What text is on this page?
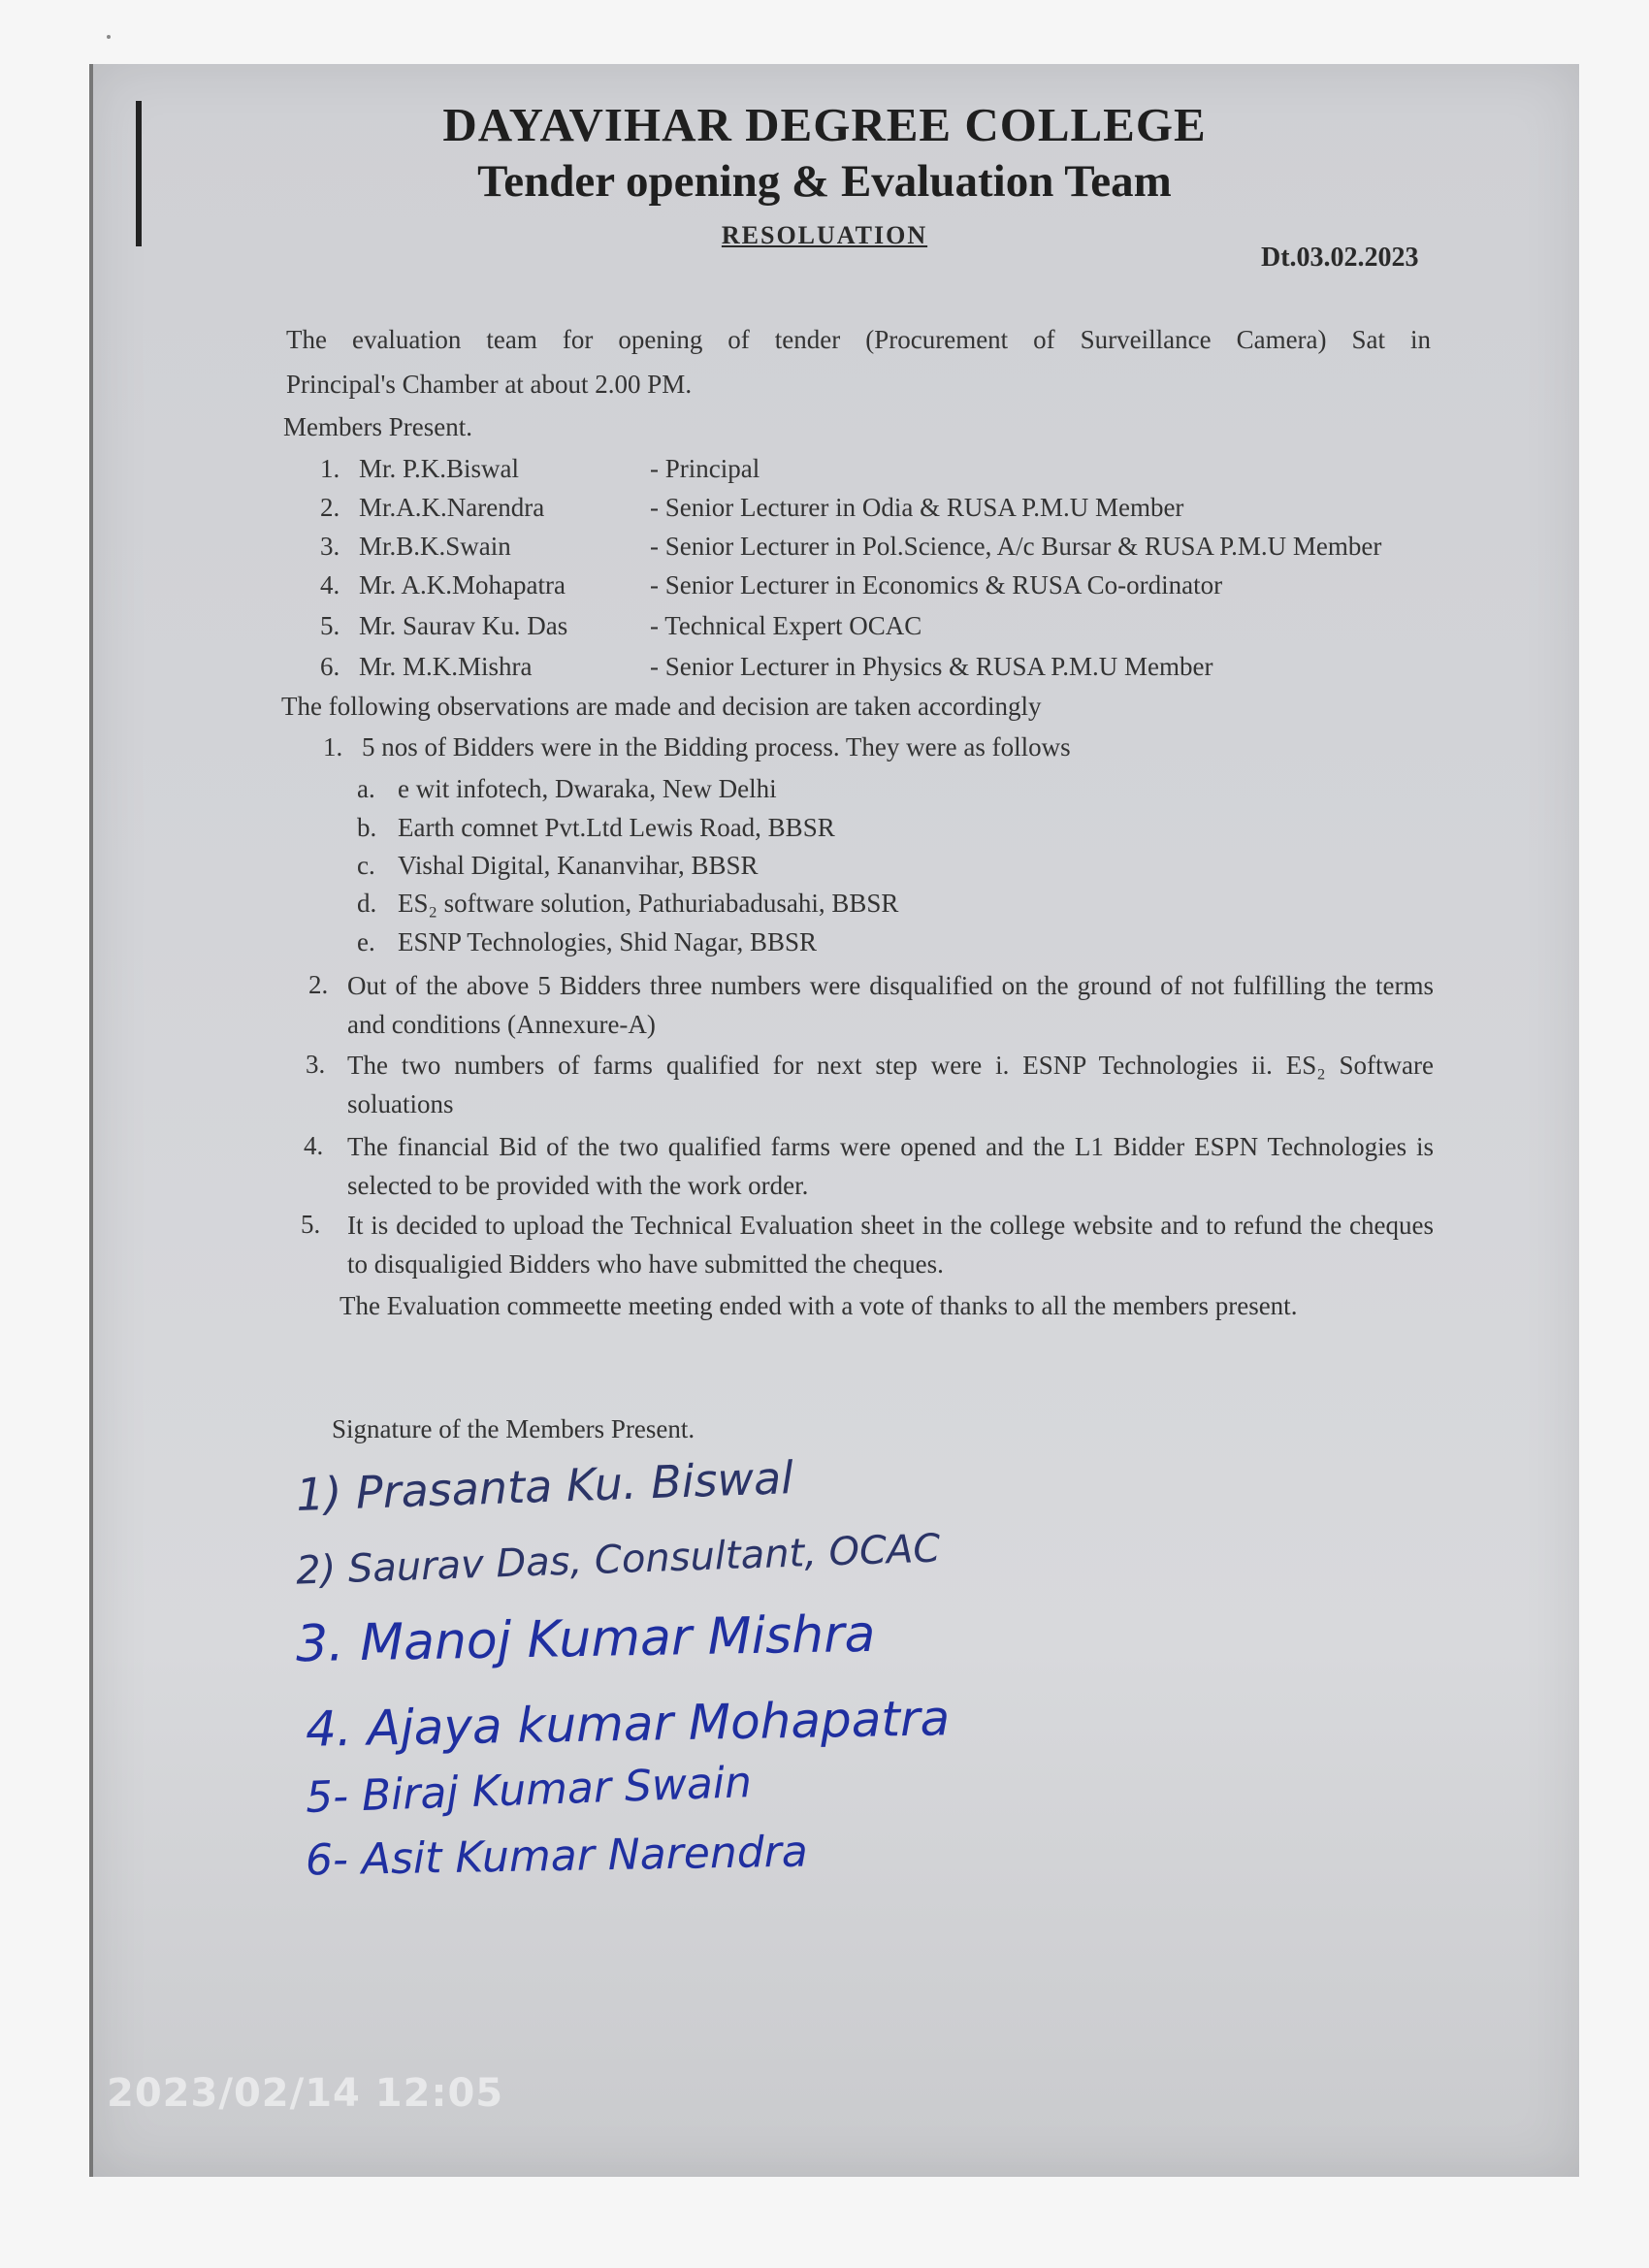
DAYAVIHAR DEGREE COLLEGE
Tender opening & Evaluation Team
RESOLUATION
Dt.03.02.2023
The evaluation team for opening of tender (Procurement of Surveillance Camera) Sat in
Principal's Chamber at about 2.00 PM.
Members Present.
1. Mr. P.K.Biswal	- Principal
2. Mr.A.K.Narendra	- Senior Lecturer in Odia & RUSA P.M.U Member
3. Mr.B.K.Swain	- Senior Lecturer in Pol.Science, A/c Bursar & RUSA P.M.U Member
4. Mr. A.K.Mohapatra	- Senior Lecturer in Economics & RUSA Co-ordinator
5. Mr. Saurav Ku. Das	- Technical Expert OCAC
6. Mr. M.K.Mishra	- Senior Lecturer in Physics & RUSA P.M.U Member
The following observations are made and decision are taken accordingly
1. 5 nos of Bidders were in the Bidding process. They were as follows
a. e wit infotech, Dwaraka, New Delhi
b. Earth comnet Pvt.Ltd Lewis Road, BBSR
c. Vishal Digital, Kananvihar, BBSR
d. ES₂ software solution, Pathuriabadusahi, BBSR
e. ESNP Technologies, Shid Nagar, BBSR
2. Out of the above 5 Bidders three numbers were disqualified on the ground of not fulfilling the terms and conditions (Annexure-A)
3. The two numbers of farms qualified for next step were i. ESNP Technologies ii. ES₂ Software soluations
4. The financial Bid of the two qualified farms were opened and the L1 Bidder ESPN Technologies is selected to be provided with the work order.
5. It is decided to upload the Technical Evaluation sheet in the college website and to refund the cheques to disqualigied Bidders who have submitted the cheques.
The Evaluation commeette meeting ended with a vote of thanks to all the members present.
Signature of the Members Present.
1) Prasanta Ku. Biswal
2) Saurav Das, Consultant, OCAC
3. Manoj Kumar Mishra
4. Ajaya kumar Mohapatra
5- Biraj Kumar Swain
6- Asit Kumar Narendra
2023/02/14 12:05
